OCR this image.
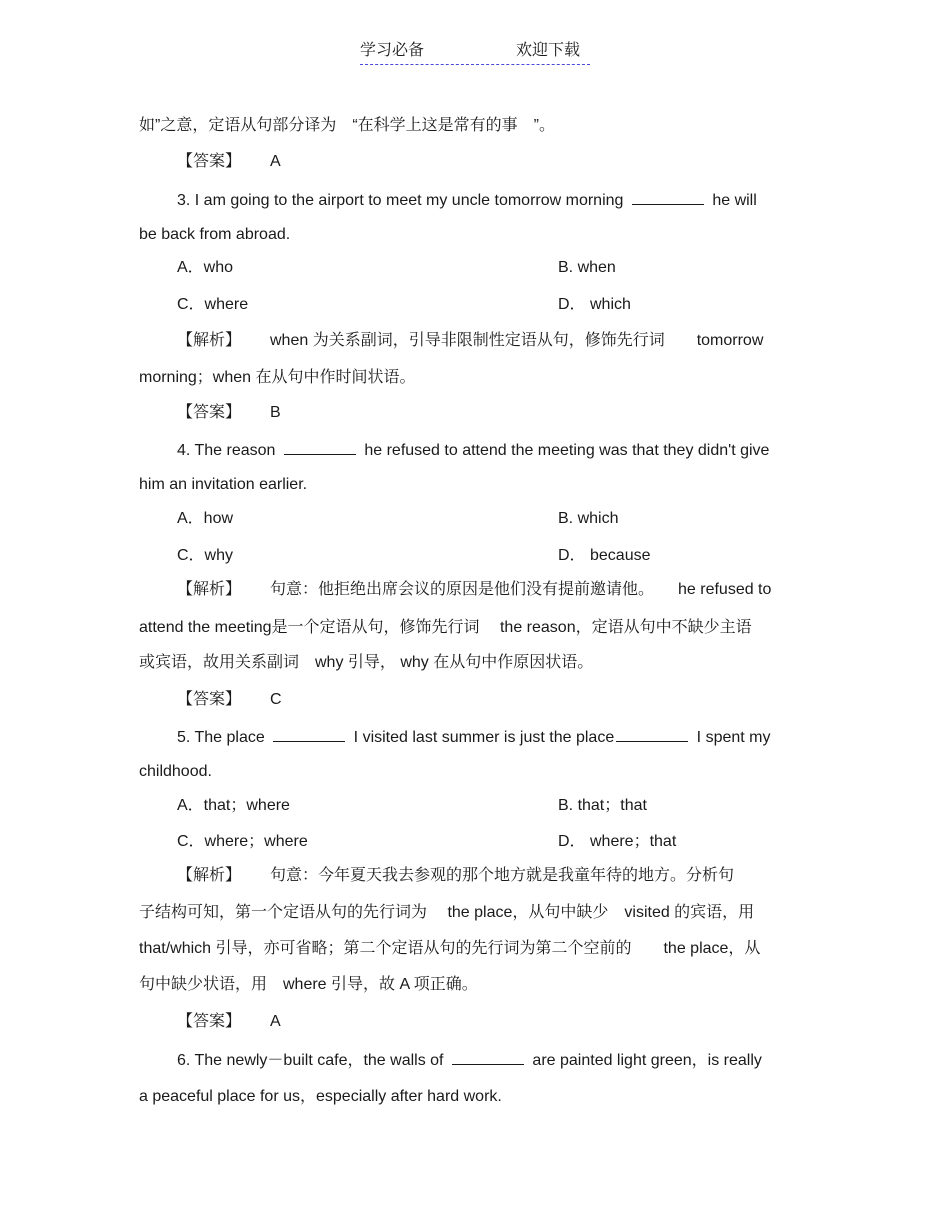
学习必备	欢迎下载
如”之意，定语从句部分译为　“在科学上这是常有的事　”。
【答案】 A
3. I am going to the airport to meet my uncle tomorrow morning	he will
be back from abroad.
A．who	B. when
C．where	D． which
【解析】 when 为关系副词，引导非限制性定语从句，修饰先行词　　tomorrow
morning；when 在从句中作时间状语。
【答案】 B
4. The reason	he refused to attend the meeting was that they didn't give
him an invitation earlier.
A．how	B. which
C．why	D． because
【解析】 句意：他拒绝出席会议的原因是他们没有提前邀请他。　　he refused to
attend the meeting是一个定语从句，修饰先行词　 the reason，定语从句中不缺少主语
或宾语，故用关系副词　why 引导， why 在从句中作原因状语。
【答案】 C
5. The place	I visited last summer is just the place	I spent my
childhood.
A．that；where	B. that；that
C．where；where	D． where；that
【解析】 句意：今年夏天我去参观的那个地方就是我童年待的地方。分析句
子结构可知，第一个定语从句的先行词为　 the place，从句中缺少　visited 的宾语，用
that/which 引导，亦可省略；第二个定语从句的先行词为第二个空前的　　the place，从
句中缺少状语，用　where 引导，故 A 项正确。
【答案】 A
6. The newly－built cafe，the walls of	are painted light green，is really
a peaceful place for us，especially after hard work.
